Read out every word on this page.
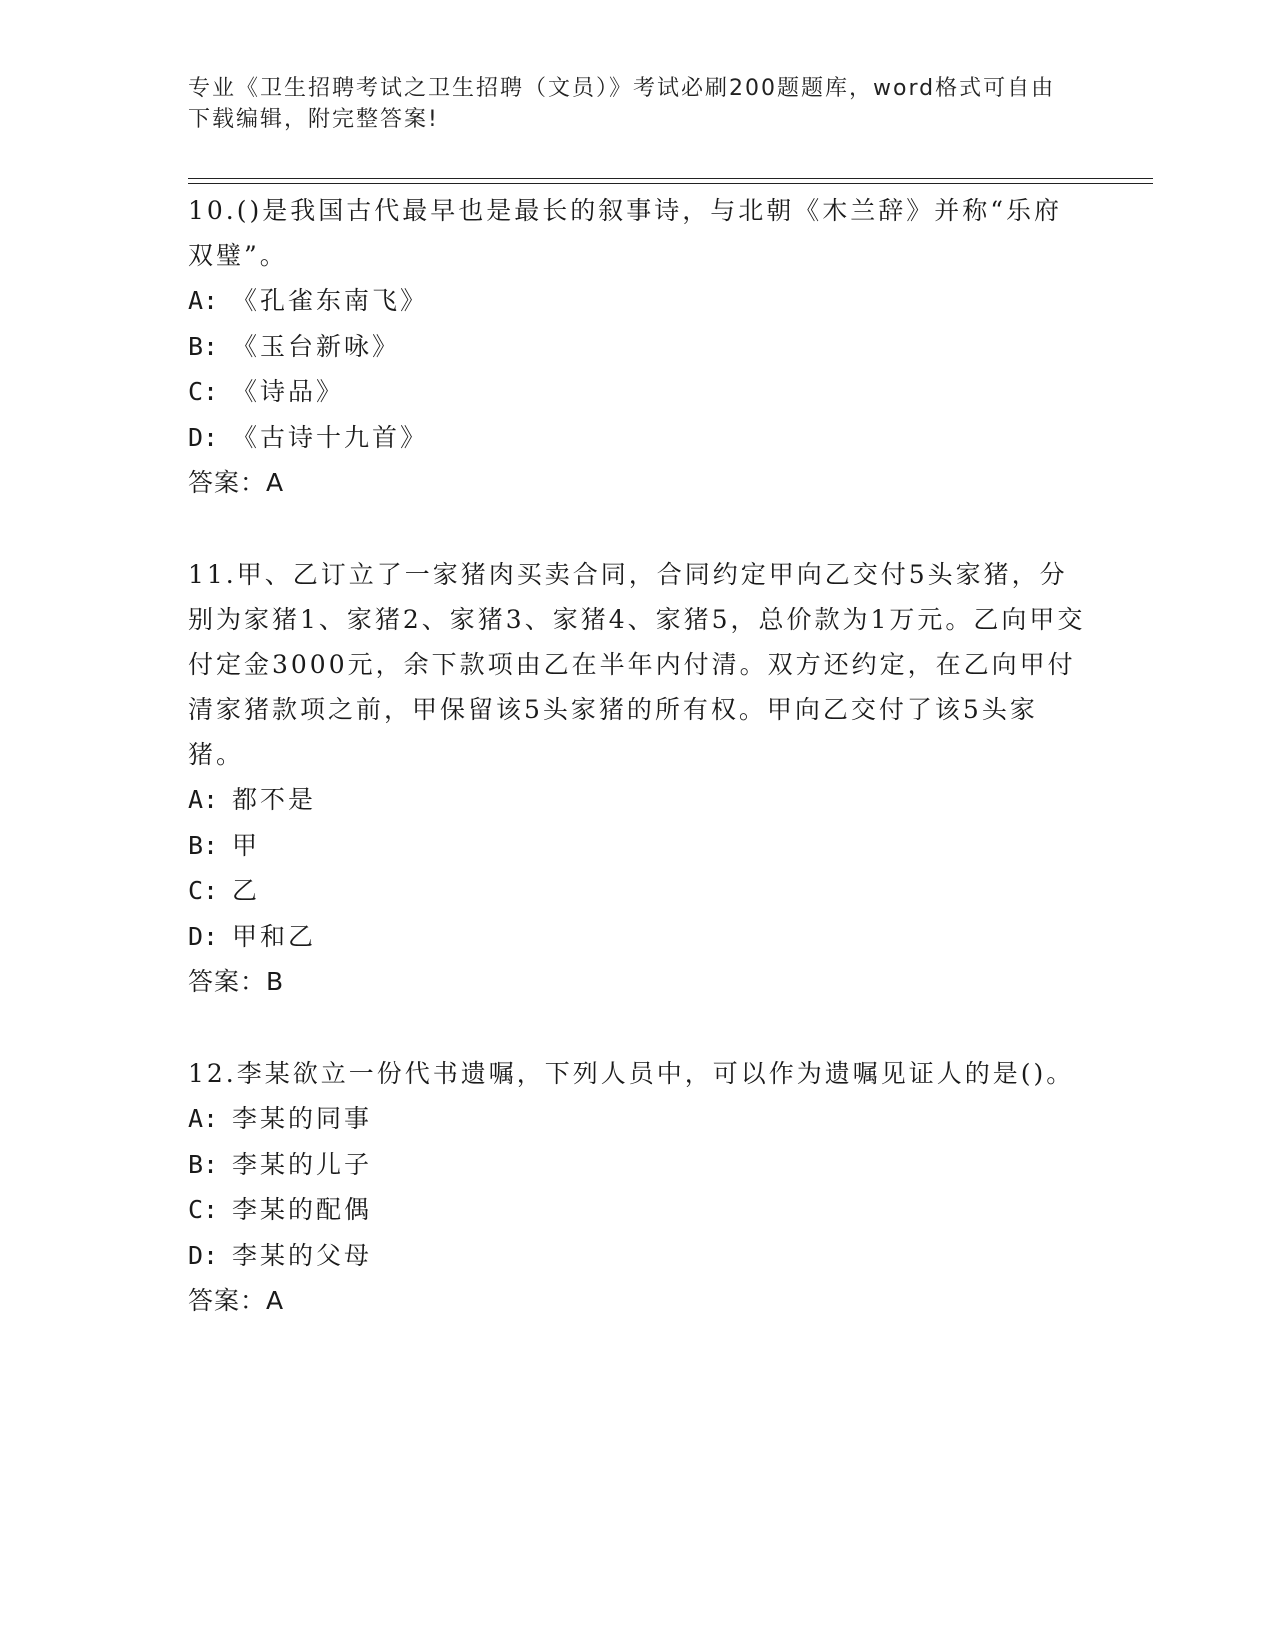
专业《卫生招聘考试之卫生招聘（文员）》考试必刷200题题库，word格式可自由下载编辑，附完整答案!

10.()是我国古代最早也是最长的叙事诗，与北朝《木兰辞》并称“乐府双璧”。

A: 《孔雀东南飞》

B: 《玉台新咏》

C: 《诗品》

D: 《古诗十九首》

答案：A

11.甲、乙订立了一家猪肉买卖合同，合同约定甲向乙交付5头家猪，分别为家猪1、家猪2、家猪3、家猪4、家猪5，总价款为1万元。乙向甲交付定金3000元，余下款项由乙在半年内付清。双方还约定，在乙向甲付清家猪款项之前，甲保留该5头家猪的所有权。甲向乙交付了该5头家猪。

A: 都不是

B: 甲

C: 乙

D: 甲和乙

答案：B

12.李某欲立一份代书遗嘱，下列人员中，可以作为遗嘱见证人的是()。

A: 李某的同事

B: 李某的儿子

C: 李某的配偶

D: 李某的父母

答案：A
